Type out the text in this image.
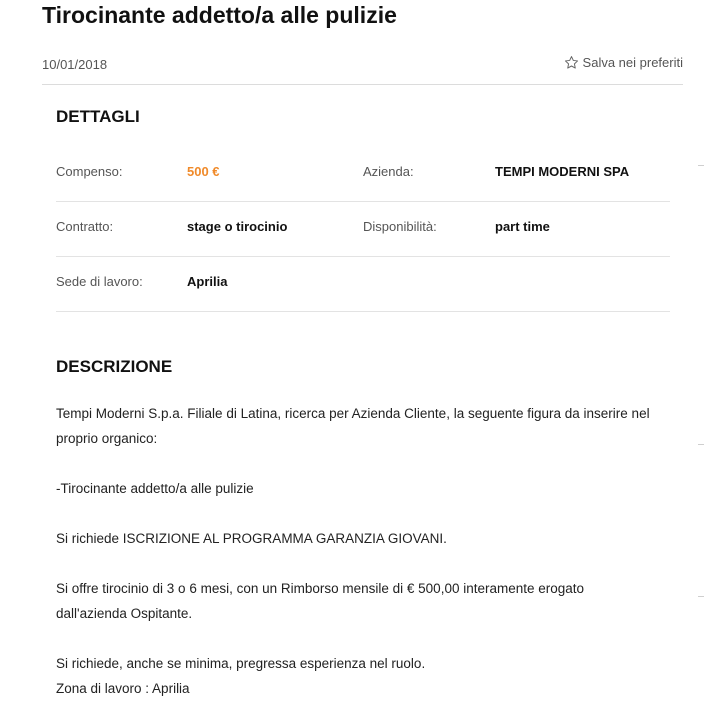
Tirocinante addetto/a alle pulizie
10/01/2018	Salva nei preferiti
DETTAGLI
Compenso:	500 €	Azienda:	TEMPI MODERNI SPA
Contratto:	stage o tirocinio	Disponibilità:	part time
Sede di lavoro:	Aprilia
DESCRIZIONE

Tempi Moderni S.p.a. Filiale di Latina, ricerca per Azienda Cliente, la seguente figura da inserire nel proprio organico:

-Tirocinante addetto/a alle pulizie

Si richiede ISCRIZIONE AL PROGRAMMA GARANZIA GIOVANI.

Si offre tirocinio di 3 o 6 mesi, con un Rimborso mensile di € 500,00 interamente erogato dall'azienda Ospitante.

Si richiede, anche se minima, pregressa esperienza nel ruolo.

Zona di lavoro : Aprilia
